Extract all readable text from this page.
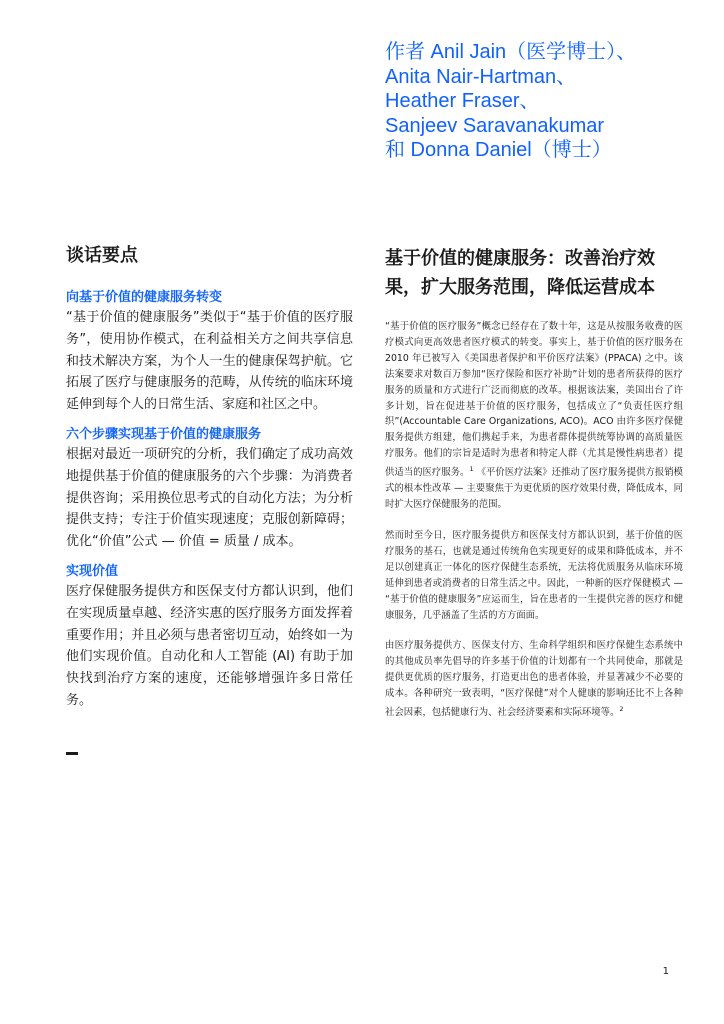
作者 Anil Jain（医学博士）、
Anita Nair-Hartman、
Heather Fraser、
Sanjeev Saravanakumar
和 Donna Daniel（博士）
谈话要点

向基于价值的健康服务转变

“基于价值的健康服务”类似于“基于价值的医疗服务”，使用协作模式，在利益相关方之间共享信息和技术解决方案，为个人一生的健康保驾护航。它拓展了医疗与健康服务的范畴，从传统的临床环境延伸到每个人的日常生活、家庭和社区之中。

六个步骤实现基于价值的健康服务

根据对最近一项研究的分析，我们确定了成功高效地提供基于价值的健康服务的六个步骤：为消费者提供咨询；采用换位思考式的自动化方法；为分析提供支持；专注于价值实现速度；克服创新障碍；优化“价值”公式 — 价值 = 质量 / 成本。

实现价值

医疗保健服务提供方和医保支付方都认识到，他们在实现质量卓越、经济实惠的医疗服务方面发挥着重要作用；并且必须与患者密切互动，始终如一为他们实现价值。自动化和人工智能 (AI) 有助于加快找到治疗方案的速度，还能够增强许多日常任务。

基于价值的健康服务：改善治疗效果，扩大服务范围，降低运营成本

“基于价值的医疗服务”概念已经存在了数十年，这是从按服务收费的医疗模式向更高效患者医疗模式的转变。事实上，基于价值的医疗服务在 2010 年已被写入《美国患者保护和平价医疗法案》(PPACA) 之中。该法案要求对数百万参加“医疗保险和医疗补助”计划的患者所获得的医疗服务的质量和方式进行广泛而彻底的改革。根据该法案，美国出台了许多计划，旨在促进基于价值的医疗服务，包括成立了“负责任医疗组织”(Accountable Care Organizations, ACO)。ACO 由许多医疗保健服务提供方组建，他们携起手来，为患者群体提供统筹协调的高质量医疗服务。他们的宗旨是适时为患者和特定人群（尤其是慢性病患者）提供适当的医疗服务。$^1$ 《平价医疗法案》还推动了医疗服务提供方报销模式的根本性改革 — 主要聚焦于为更优质的医疗效果付费，降低成本，同时扩大医疗保健服务的范围。

然而时至今日，医疗服务提供方和医保支付方都认识到，基于价值的医疗服务的基石，也就是通过传统角色实现更好的成果和降低成本，并不足以创建真正一体化的医疗保健生态系统，无法将优质服务从临床环境延伸到患者或消费者的日常生活之中。因此，一种新的医疗保健模式 — “基于价值的健康服务”应运而生，旨在患者的一生提供完善的医疗和健康服务，几乎涵盖了生活的方方面面。

由医疗服务提供方、医保支付方、生命科学组织和医疗保健生态系统中的其他成员率先倡导的许多基于价值的计划都有一个共同使命，那就是提供更优质的医疗服务，打造更出色的患者体验，并显著减少不必要的成本。各种研究一致表明，“医疗保健”对个人健康的影响还比不上各种社会因素，包括健康行为、社会经济要素和实际环境等。$^2$

1
